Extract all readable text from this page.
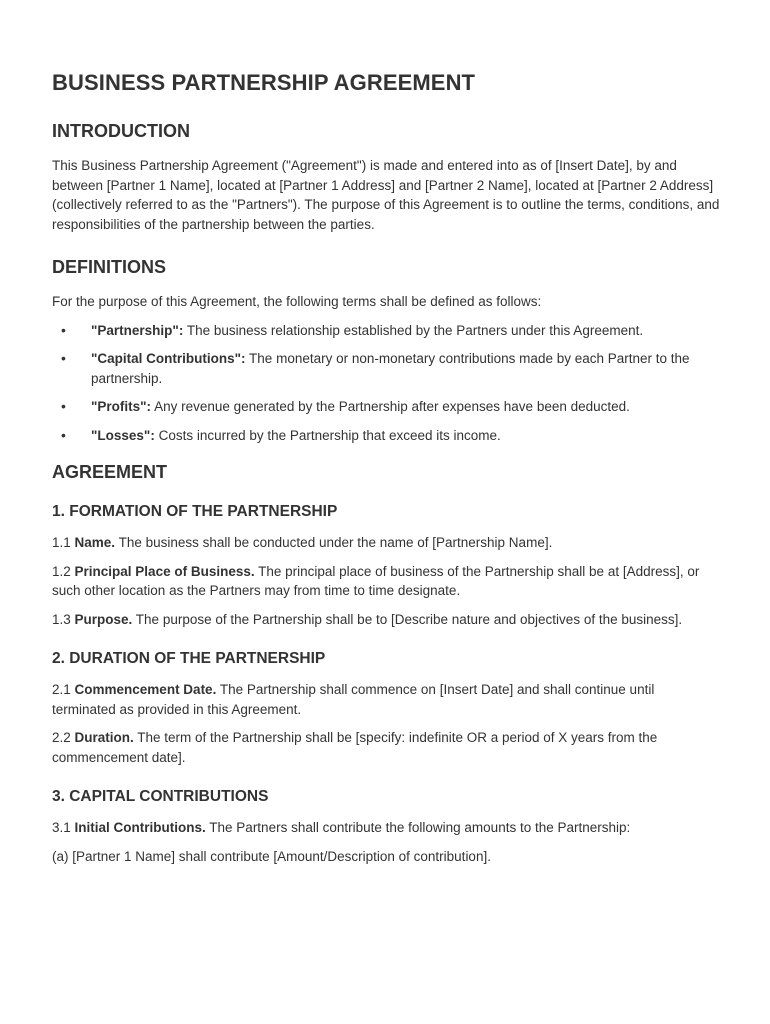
BUSINESS PARTNERSHIP AGREEMENT
INTRODUCTION

This Business Partnership Agreement ("Agreement") is made and entered into as of [Insert Date], by and between [Partner 1 Name], located at [Partner 1 Address] and [Partner 2 Name], located at [Partner 2 Address] (collectively referred to as the "Partners"). The purpose of this Agreement is to outline the terms, conditions, and responsibilities of the partnership between the parties.

DEFINITIONS

For the purpose of this Agreement, the following terms shall be defined as follows:

• "Partnership": The business relationship established by the Partners under this Agreement.
• "Capital Contributions": The monetary or non-monetary contributions made by each Partner to the partnership.
• "Profits": Any revenue generated by the Partnership after expenses have been deducted.
• "Losses": Costs incurred by the Partnership that exceed its income.
AGREEMENT
1. FORMATION OF THE PARTNERSHIP

1.1 Name. The business shall be conducted under the name of [Partnership Name].

1.2 Principal Place of Business. The principal place of business of the Partnership shall be at [Address], or such other location as the Partners may from time to time designate.

1.3 Purpose. The purpose of the Partnership shall be to [Describe nature and objectives of the business].

2. DURATION OF THE PARTNERSHIP

2.1 Commencement Date. The Partnership shall commence on [Insert Date] and shall continue until terminated as provided in this Agreement.

2.2 Duration. The term of the Partnership shall be [specify: indefinite OR a period of X years from the commencement date].

3. CAPITAL CONTRIBUTIONS

3.1 Initial Contributions. The Partners shall contribute the following amounts to the Partnership:

(a) [Partner 1 Name] shall contribute [Amount/Description of contribution].
